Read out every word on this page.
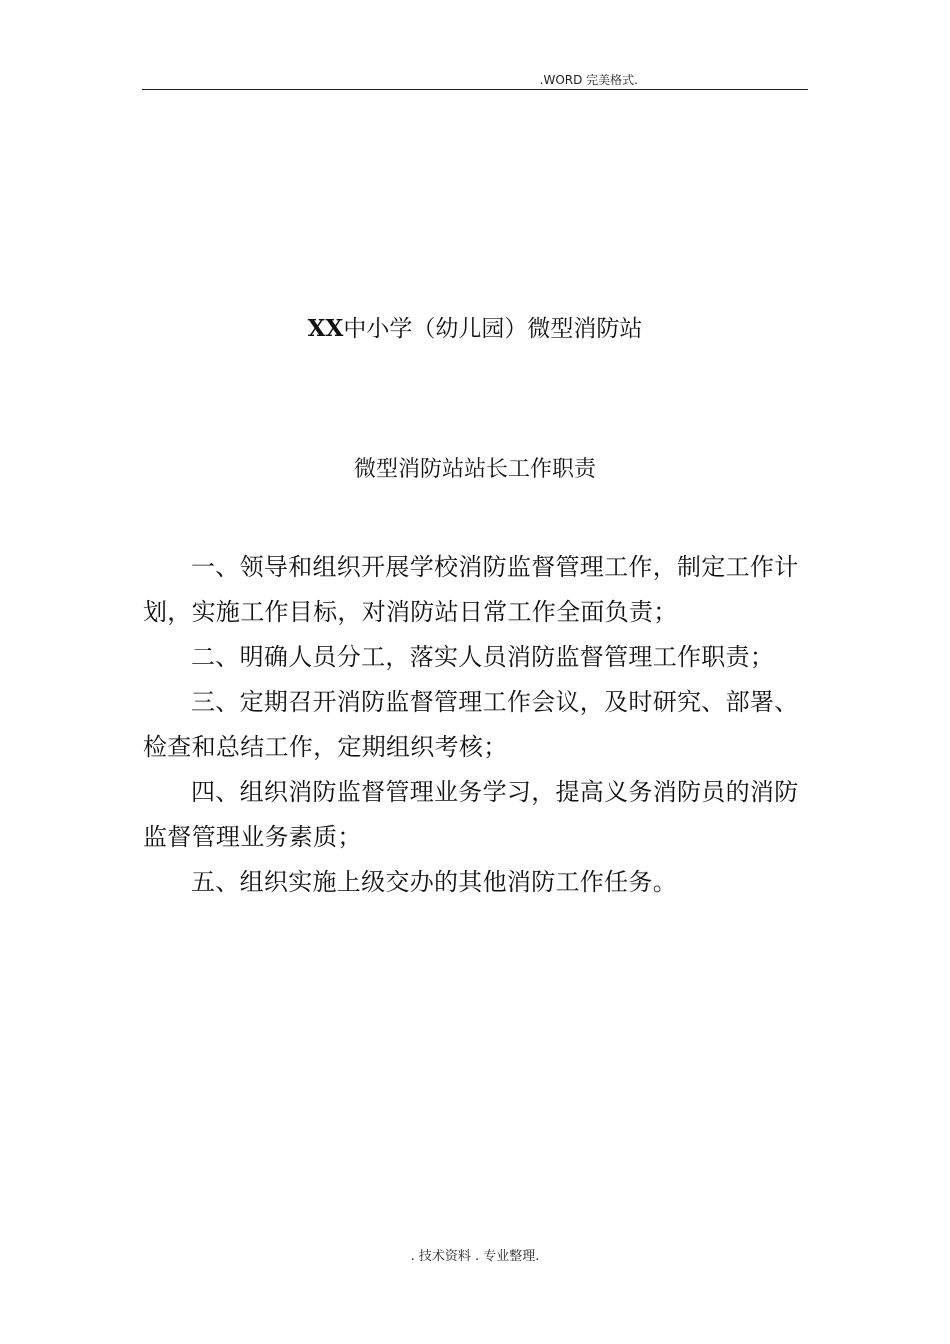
.WORD 完美格式.
XX中小学（幼儿园）微型消防站
微型消防站站长工作职责

一、领导和组织开展学校消防监督管理工作，制定工作计划，实施工作目标，对消防站日常工作全面负责；

二、明确人员分工，落实人员消防监督管理工作职责；

三、定期召开消防监督管理工作会议，及时研究、部署、检查和总结工作，定期组织考核；

四、组织消防监督管理业务学习，提高义务消防员的消防监督管理业务素质；

五、组织实施上级交办的其他消防工作任务。

. 技术资料 . 专业整理.
